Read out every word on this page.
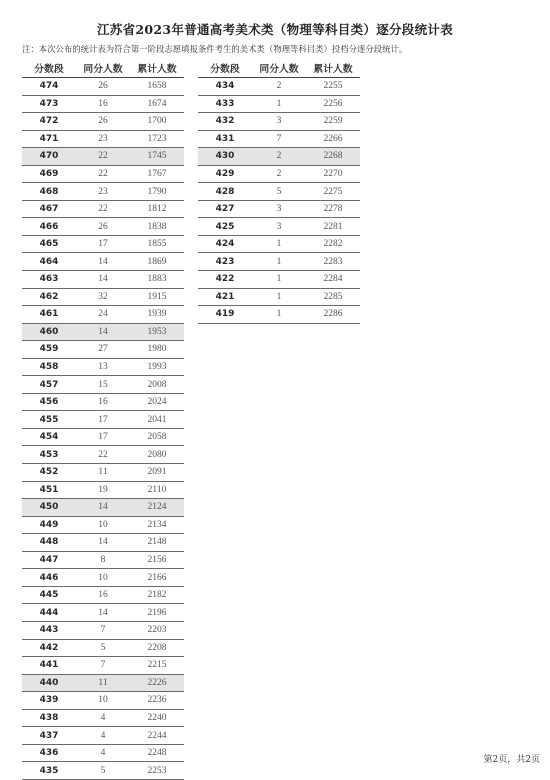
江苏省2023年普通高考美术类（物理等科目类）逐分段统计表
注：本次公布的统计表为符合第一阶段志愿填报条件考生的美术类（物理等科目类）投档分逐分段统计。
分数段	同分人数	累计人数
474	26	1658
473	16	1674
472	26	1700
471	23	1723
470	22	1745
469	22	1767
468	23	1790
467	22	1812
466	26	1838
465	17	1855
464	14	1869
463	14	1883
462	32	1915
461	24	1939
460	14	1953
459	27	1980
458	13	1993
457	15	2008
456	16	2024
455	17	2041
454	17	2058
453	22	2080
452	11	2091
451	19	2110
450	14	2124
449	10	2134
448	14	2148
447	8	2156
446	10	2166
445	16	2182
444	14	2196
443	7	2203
442	5	2208
441	7	2215
440	11	2226
439	10	2236
438	4	2240
437	4	2244
436	4	2248
435	5	2253
分数段	同分人数	累计人数
434	2	2255
433	1	2256
432	3	2259
431	7	2266
430	2	2268
429	2	2270
428	5	2275
427	3	2278
425	3	2281
424	1	2282
423	1	2283
422	1	2284
421	1	2285
419	1	2286
第2页，共2页
